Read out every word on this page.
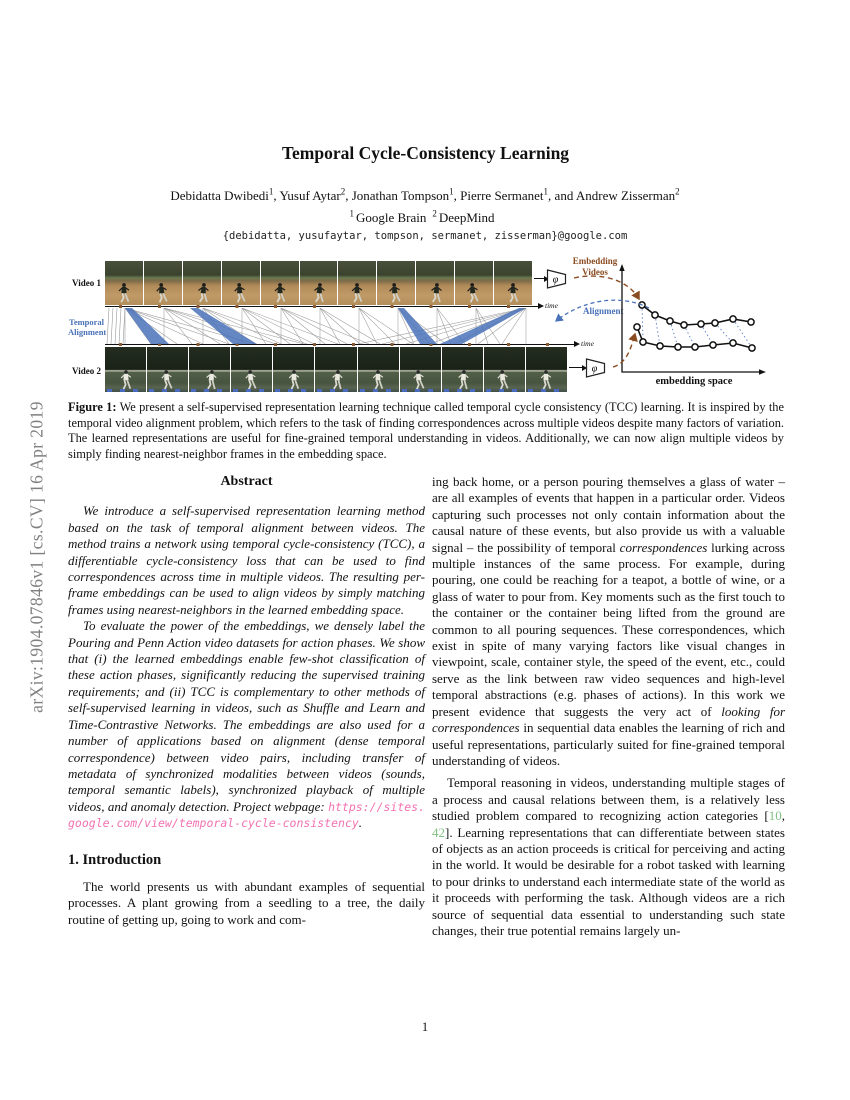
arXiv:1904.07846v1 [cs.CV] 16 Apr 2019
Temporal Cycle-Consistency Learning
Debidatta Dwibedi$^1$, Yusuf Aytar$^2$, Jonathan Tompson$^1$, Pierre Sermanet$^1$, and Andrew Zisserman$^2$
$^1$ Google Brain $^2$ DeepMind
{debidatta, yusufaytar, tompson, sermanet, zisserman}@google.com
Video 1
Video 2
Temporal
Alignment
time
time
φ
φ
Embedding
Videos
Alignment
embedding space
Figure 1: We present a self-supervised representation learning technique called temporal cycle consistency (TCC) learning. It is inspired by the temporal video alignment problem, which refers to the task of finding correspondences across multiple videos despite many factors of variation. The learned representations are useful for fine-grained temporal understanding in videos. Additionally, we can now align multiple videos by simply finding nearest-neighbor frames in the embedding space.
Abstract

We introduce a self-supervised representation learning method based on the task of temporal alignment between videos. The method trains a network using temporal cycle-consistency (TCC), a differentiable cycle-consistency loss that can be used to find correspondences across time in multiple videos. The resulting per-frame embeddings can be used to align videos by simply matching frames using nearest-neighbors in the learned embedding space.

To evaluate the power of the embeddings, we densely label the Pouring and Penn Action video datasets for action phases. We show that (i) the learned embeddings enable few-shot classification of these action phases, significantly reducing the supervised training requirements; and (ii) TCC is complementary to other methods of self-supervised learning in videos, such as Shuffle and Learn and Time-Contrastive Networks. The embeddings are also used for a number of applications based on alignment (dense temporal correspondence) between video pairs, including transfer of metadata of synchronized modalities between videos (sounds, temporal semantic labels), synchronized playback of multiple videos, and anomaly detection. Project webpage: https://sites.google.com/view/temporal-cycle-consistency.

1. Introduction

The world presents us with abundant examples of sequential processes. A plant growing from a seedling to a tree, the daily routine of getting up, going to work and com-

ing back home, or a person pouring themselves a glass of water – are all examples of events that happen in a particular order. Videos capturing such processes not only contain information about the causal nature of these events, but also provide us with a valuable signal – the possibility of temporal correspondences lurking across multiple instances of the same process. For example, during pouring, one could be reaching for a teapot, a bottle of wine, or a glass of water to pour from. Key moments such as the first touch to the container or the container being lifted from the ground are common to all pouring sequences. These correspondences, which exist in spite of many varying factors like visual changes in viewpoint, scale, container style, the speed of the event, etc., could serve as the link between raw video sequences and high-level temporal abstractions (e.g. phases of actions). In this work we present evidence that suggests the very act of looking for correspondences in sequential data enables the learning of rich and useful representations, particularly suited for fine-grained temporal understanding of videos.

Temporal reasoning in videos, understanding multiple stages of a process and causal relations between them, is a relatively less studied problem compared to recognizing action categories [10, 42]. Learning representations that can differentiate between states of objects as an action proceeds is critical for perceiving and acting in the world. It would be desirable for a robot tasked with learning to pour drinks to understand each intermediate state of the world as it proceeds with performing the task. Although videos are a rich source of sequential data essential to understanding such state changes, their true potential remains largely un-

1
